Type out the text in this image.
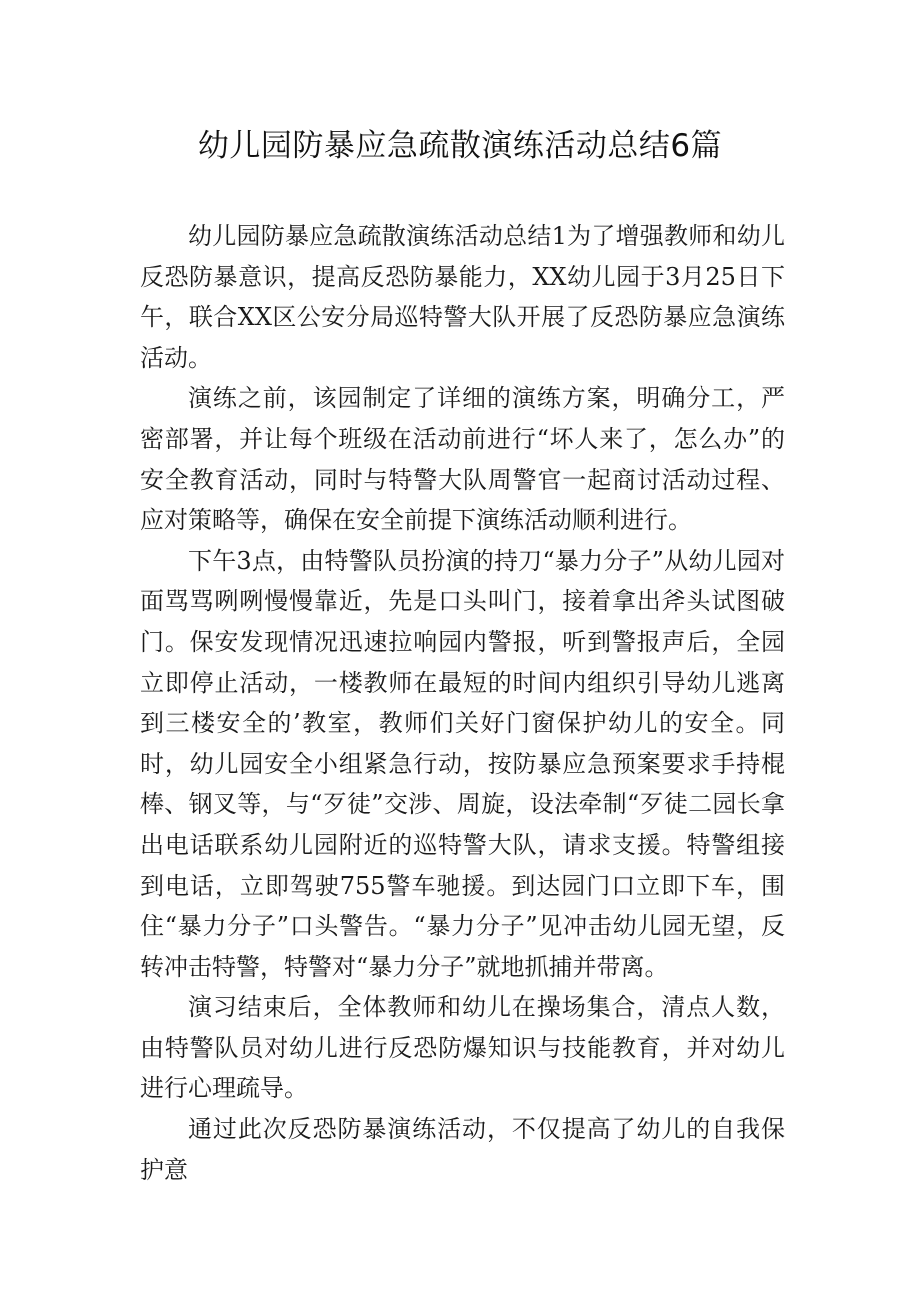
幼儿园防暴应急疏散演练活动总结6篇

幼儿园防暴应急疏散演练活动总结1为了增强教师和幼儿反恐防暴意识，提高反恐防暴能力，XX幼儿园于3月25日下午，联合XX区公安分局巡特警大队开展了反恐防暴应急演练活动。

演练之前，该园制定了详细的演练方案，明确分工，严密部署，并让每个班级在活动前进行“坏人来了，怎么办”的安全教育活动，同时与特警大队周警官一起商讨活动过程、应对策略等，确保在安全前提下演练活动顺利进行。

下午3点，由特警队员扮演的持刀“暴力分子”从幼儿园对面骂骂咧咧慢慢靠近，先是口头叫门，接着拿出斧头试图破门。保安发现情况迅速拉响园内警报，听到警报声后，全园立即停止活动，一楼教师在最短的时间内组织引导幼儿逃离到三楼安全的’教室，教师们关好门窗保护幼儿的安全。同时，幼儿园安全小组紧急行动，按防暴应急预案要求手持棍棒、钢叉等，与“歹徒”交涉、周旋，设法牵制“歹徒二园长拿出电话联系幼儿园附近的巡特警大队，请求支援。特警组接到电话，立即驾驶755警车驰援。到达园门口立即下车，围住“暴力分子”口头警告。“暴力分子”见冲击幼儿园无望，反转冲击特警，特警对“暴力分子”就地抓捕并带离。

演习结束后，全体教师和幼儿在操场集合，清点人数，由特警队员对幼儿进行反恐防爆知识与技能教育，并对幼儿进行心理疏导。

通过此次反恐防暴演练活动，不仅提高了幼儿的自我保护意
